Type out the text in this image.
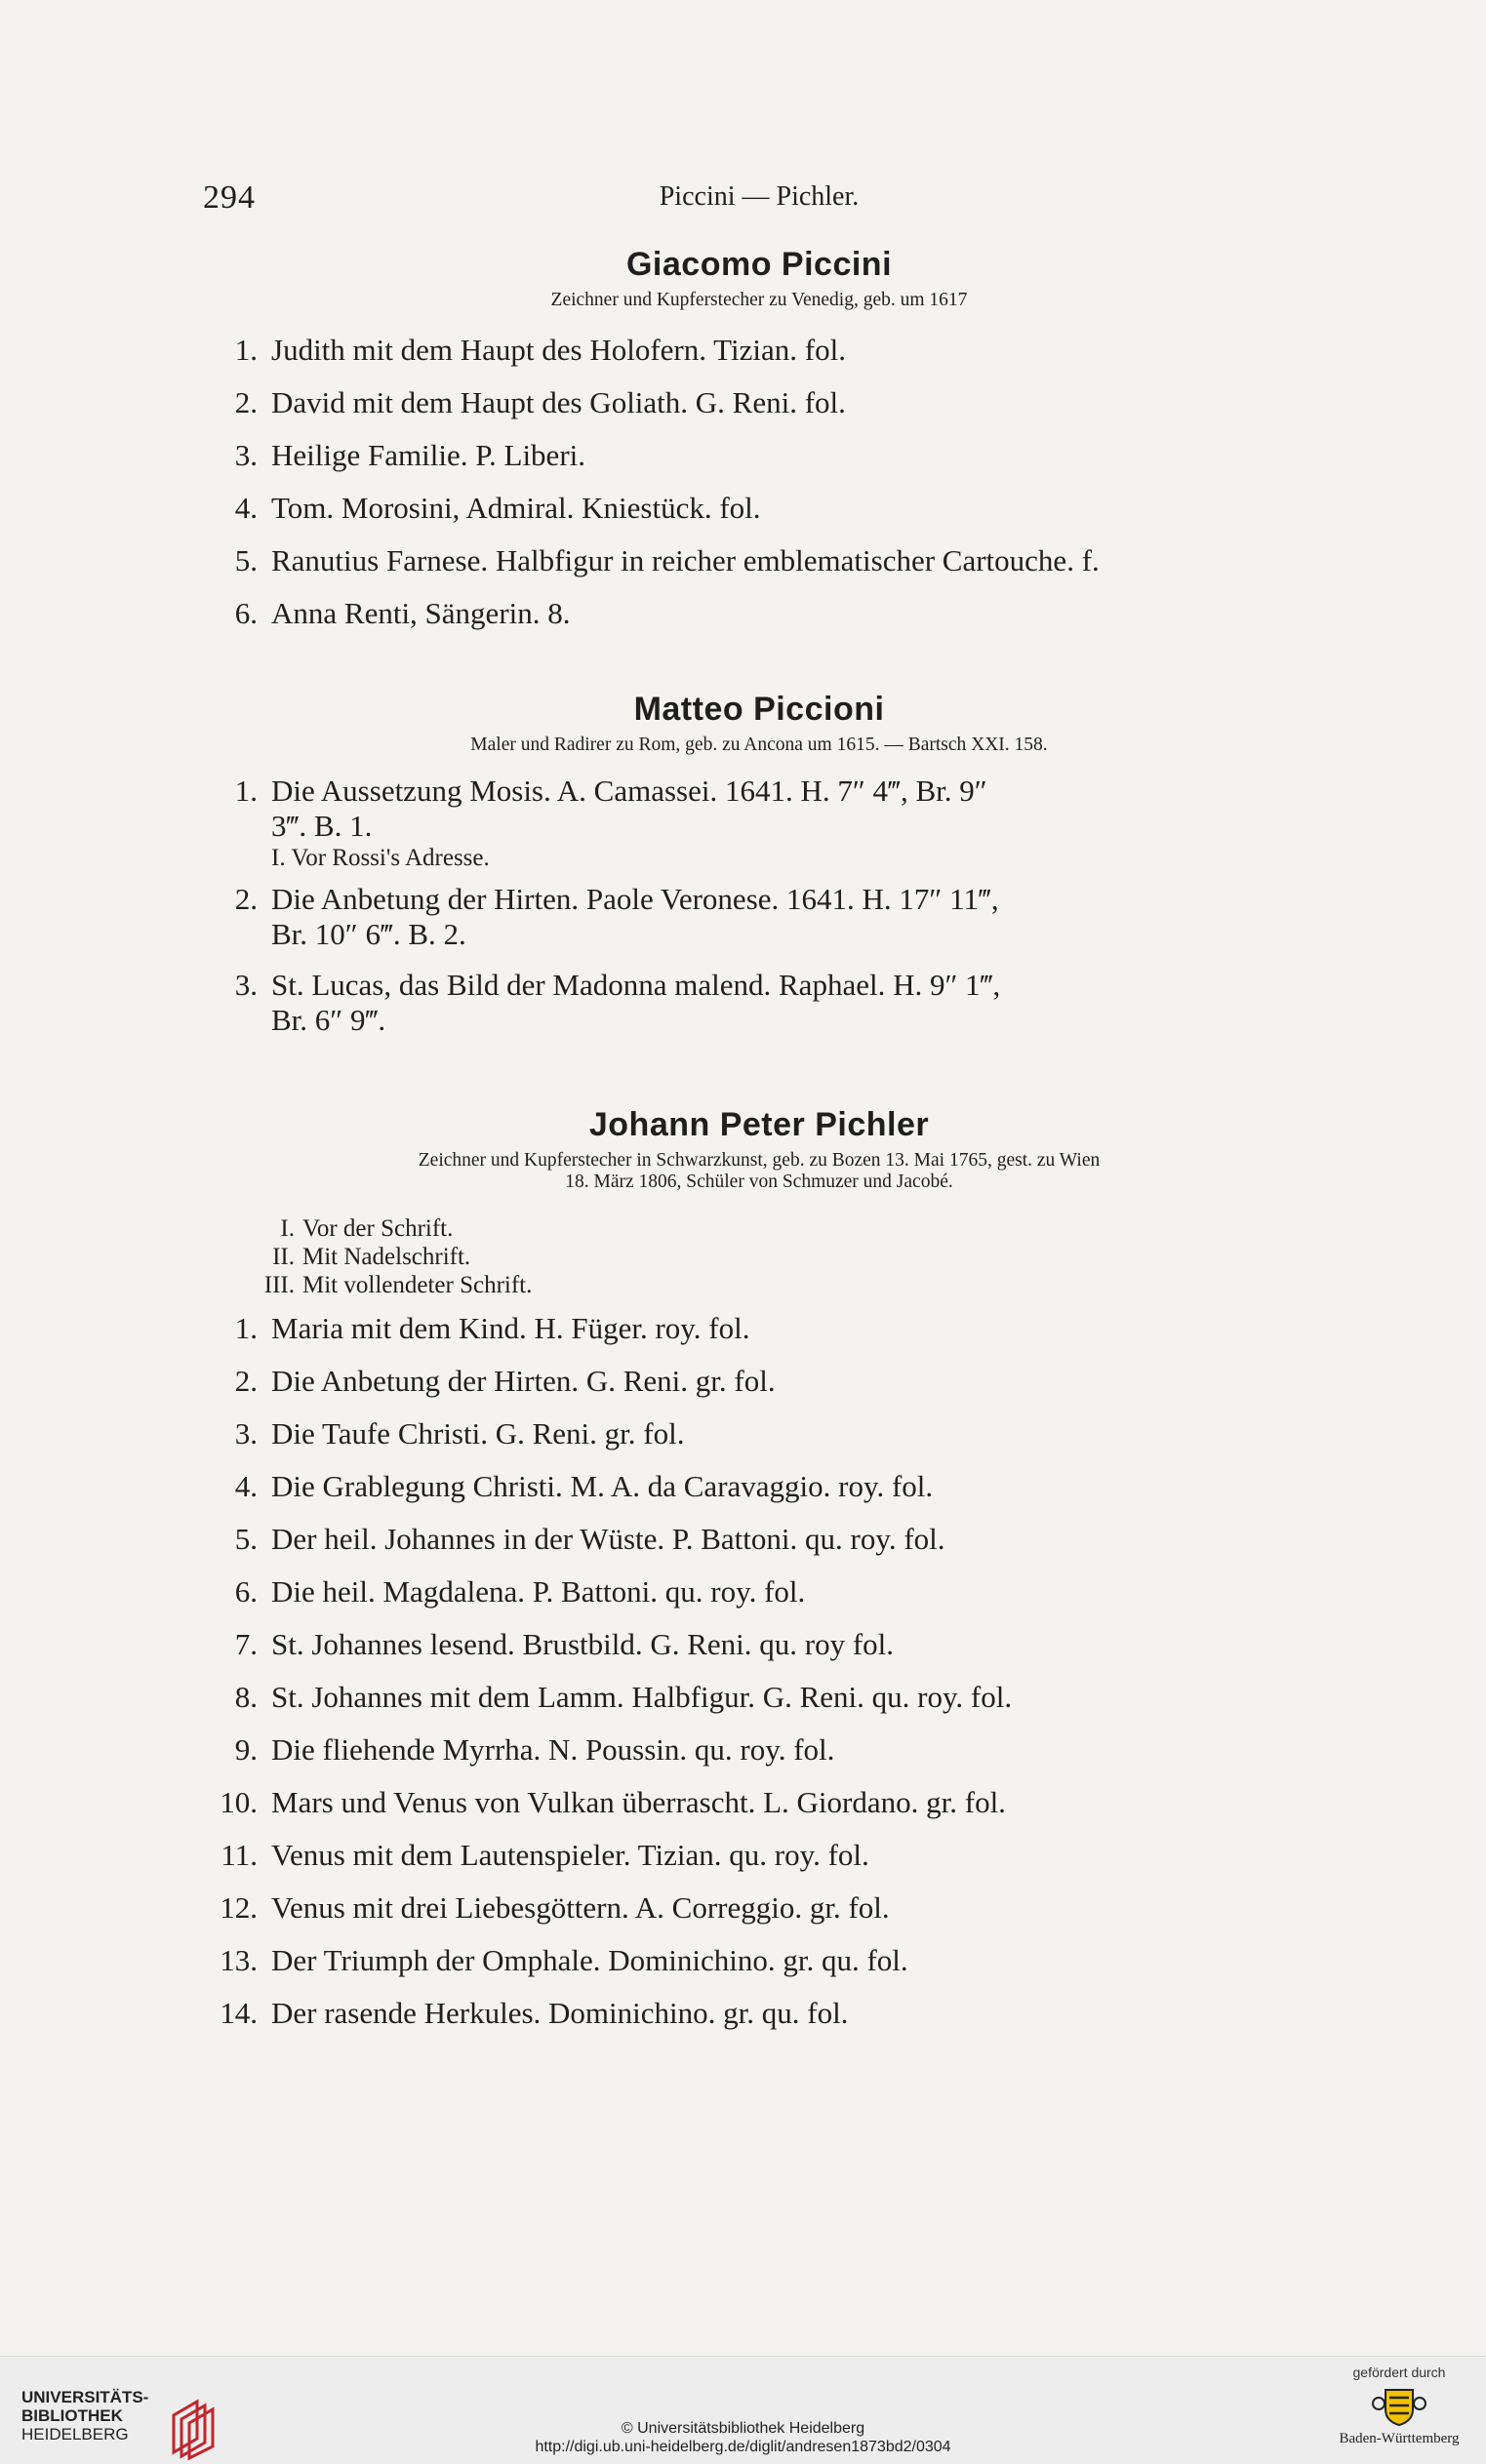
294	Piccini — Pichler.
Giacomo Piccini
Zeichner und Kupferstecher zu Venedig, geb. um 1617
1. Judith mit dem Haupt des Holofern. Tizian. fol.
2. David mit dem Haupt des Goliath. G. Reni. fol.
3. Heilige Familie. P. Liberi.
4. Tom. Morosini, Admiral. Kniestück. fol.
5. Ranutius Farnese. Halbfigur in reicher emblematischer Cartouche. f.
6. Anna Renti, Sängerin. 8.
Matteo Piccioni
Maler und Radirer zu Rom, geb. zu Ancona um 1615. — Bartsch XXI. 158.
1. Die Aussetzung Mosis. A. Camassei. 1641. H. 7″ 4‴, Br. 9″
3‴. B. 1.
I. Vor Rossi's Adresse.
2. Die Anbetung der Hirten. Paole Veronese. 1641. H. 17″ 11‴,
Br. 10″ 6‴. B. 2.
3. St. Lucas, das Bild der Madonna malend. Raphael. H. 9″ 1‴,
Br. 6″ 9‴.
Johann Peter Pichler
Zeichner und Kupferstecher in Schwarzkunst, geb. zu Bozen 13. Mai 1765, gest. zu Wien
18. März 1806, Schüler von Schmuzer und Jacobé.
I. Vor der Schrift.
II. Mit Nadelschrift.
III. Mit vollendeter Schrift.
1. Maria mit dem Kind. H. Füger. roy. fol.
2. Die Anbetung der Hirten. G. Reni. gr. fol.
3. Die Taufe Christi. G. Reni. gr. fol.
4. Die Grablegung Christi. M. A. da Caravaggio. roy. fol.
5. Der heil. Johannes in der Wüste. P. Battoni. qu. roy. fol.
6. Die heil. Magdalena. P. Battoni. qu. roy. fol.
7. St. Johannes lesend. Brustbild. G. Reni. qu. roy fol.
8. St. Johannes mit dem Lamm. Halbfigur. G. Reni. qu. roy. fol.
9. Die fliehende Myrrha. N. Poussin. qu. roy. fol.
10. Mars und Venus von Vulkan überrascht. L. Giordano. gr. fol.
11. Venus mit dem Lautenspieler. Tizian. qu. roy. fol.
12. Venus mit drei Liebesgöttern. A. Correggio. gr. fol.
13. Der Triumph der Omphale. Dominichino. gr. qu. fol.
14. Der rasende Herkules. Dominichino. gr. qu. fol.
UNIVERSITÄTS-
BIBLIOTHEK
HEIDELBERG	© Universitätsbibliothek Heidelberg
http://digi.ub.uni-heidelberg.de/diglit/andresen1873bd2/0304
gefördert durch
Baden-Württemberg
